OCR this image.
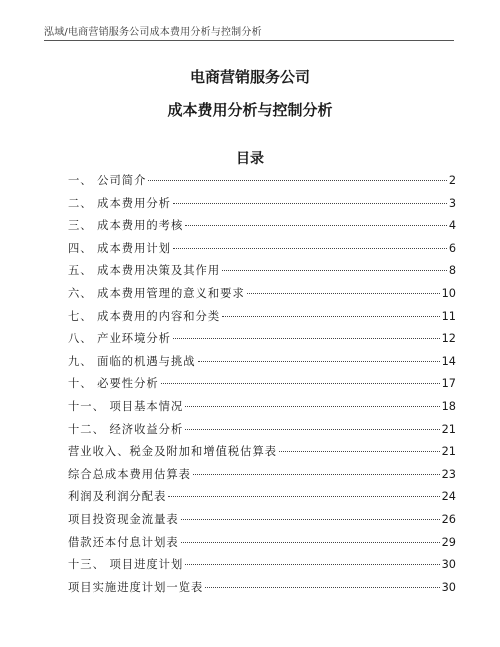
泓域/电商营销服务公司成本费用分析与控制分析
电商营销服务公司
成本费用分析与控制分析
目录
一、 公司简介	2
二、 成本费用分析	3
三、 成本费用的考核	4
四、 成本费用计划	6
五、 成本费用决策及其作用	8
六、 成本费用管理的意义和要求	10
七、 成本费用的内容和分类	11
八、 产业环境分析	12
九、 面临的机遇与挑战	14
十、 必要性分析	17
十一、 项目基本情况	18
十二、 经济收益分析	21
营业收入、税金及附加和增值税估算表	21
综合总成本费用估算表	23
利润及利润分配表	24
项目投资现金流量表	26
借款还本付息计划表	29
十三、 项目进度计划	30
项目实施进度计划一览表	30
